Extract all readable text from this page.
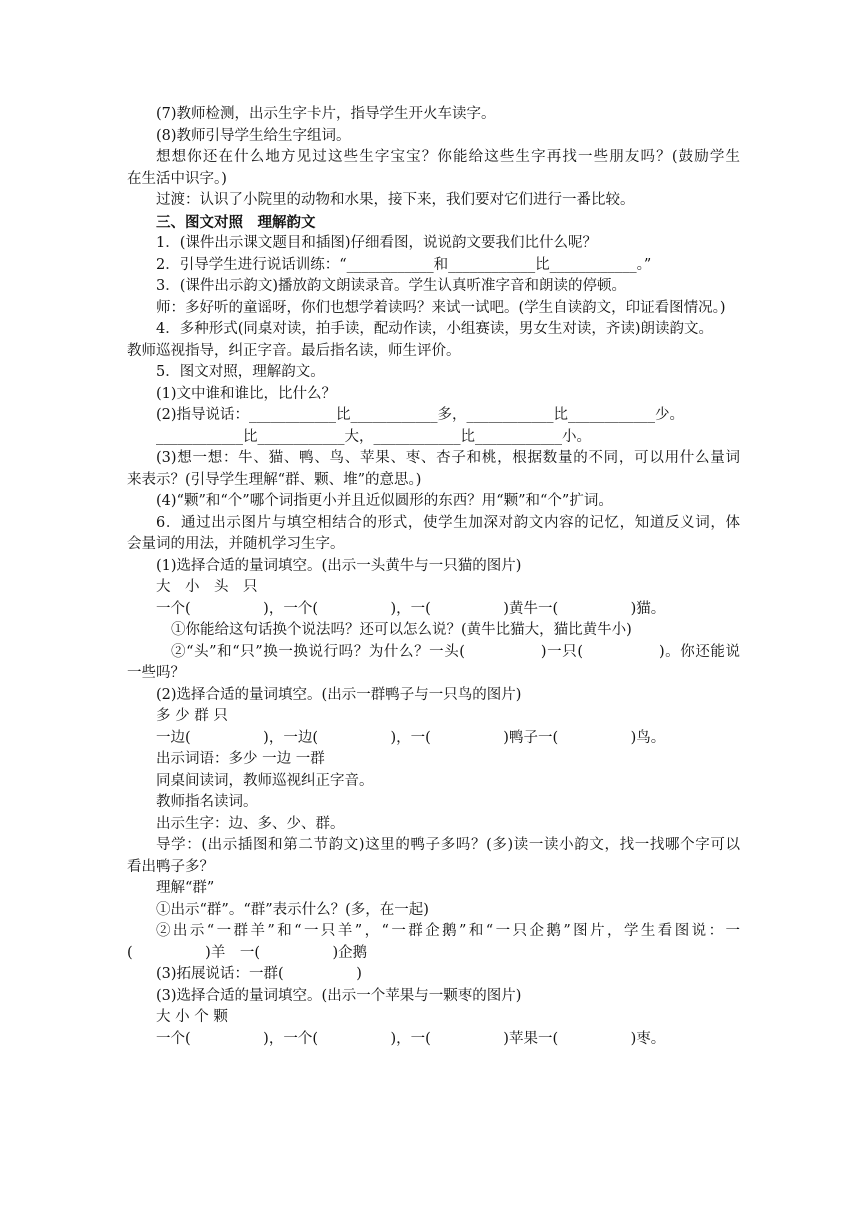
(7)教师检测，出示生字卡片，指导学生开火车读字。
(8)教师引导学生给生字组词。
想想你还在什么地方见过这些生字宝宝？你能给这些生字再找一些朋友吗？(鼓励学生
在生活中识字。)
过渡：认识了小院里的动物和水果，接下来，我们要对它们进行一番比较。
三、图文对照　理解韵文
1．(课件出示课文题目和插图)仔细看图，说说韵文要我们比什么呢？
2．引导学生进行说话训练：“____________和____________比____________。”
3．(课件出示韵文)播放韵文朗读录音。学生认真听准字音和朗读的停顿。
师：多好听的童谣呀，你们也想学着读吗？来试一试吧。(学生自读韵文，印证看图情况。)
4．多种形式(同桌对读，拍手读，配动作读，小组赛读，男女生对读，齐读)朗读韵文。
教师巡视指导，纠正字音。最后指名读，师生评价。
5．图文对照，理解韵文。
(1)文中谁和谁比，比什么？
(2)指导说话：____________比____________多，____________比____________少。
____________比____________大，____________比____________小。
(3)想一想：牛、猫、鸭、鸟、苹果、枣、杏子和桃，根据数量的不同，可以用什么量词
来表示？(引导学生理解“群、颗、堆”的意思。)
(4)“颗”和“个”哪个词指更小并且近似圆形的东西？用“颗”和“个”扩词。
6．通过出示图片与填空相结合的形式，使学生加深对韵文内容的记忆，知道反义词，体
会量词的用法，并随机学习生字。
(1)选择合适的量词填空。(出示一头黄牛与一只猫的图片)
大　小　头　只
一个(　　　　　)，一个(　　　　　)，一(　　　　　)黄牛一(　　　　　)猫。
①你能给这句话换个说法吗？还可以怎么说？(黄牛比猫大，猫比黄牛小)
②“头”和“只”换一换说行吗？为什么？一头(　　　　　)一只(　　　　　)。你还能说
一些吗？
(2)选择合适的量词填空。(出示一群鸭子与一只鸟的图片)
多 少 群 只
一边(　　　　　)，一边(　　　　　)，一(　　　　　)鸭子一(　　　　　)鸟。
出示词语：多少 一边 一群
同桌间读词，教师巡视纠正字音。
教师指名读词。
出示生字：边、多、少、群。
导学：(出示插图和第二节韵文)这里的鸭子多吗？(多)读一读小韵文，找一找哪个字可以
看出鸭子多？
理解“群”
①出示“群”。“群”表示什么？(多，在一起)
②出示“一群羊”和“一只羊”，“一群企鹅”和“一只企鹅”图片，学生看图说：一
(　　　　　)羊　一(　　　　　)企鹅
(3)拓展说话：一群(　　　　　)
(3)选择合适的量词填空。(出示一个苹果与一颗枣的图片)
大 小 个 颗
一个(　　　　　)，一个(　　　　　)，一(　　　　　)苹果一(　　　　　)枣。
